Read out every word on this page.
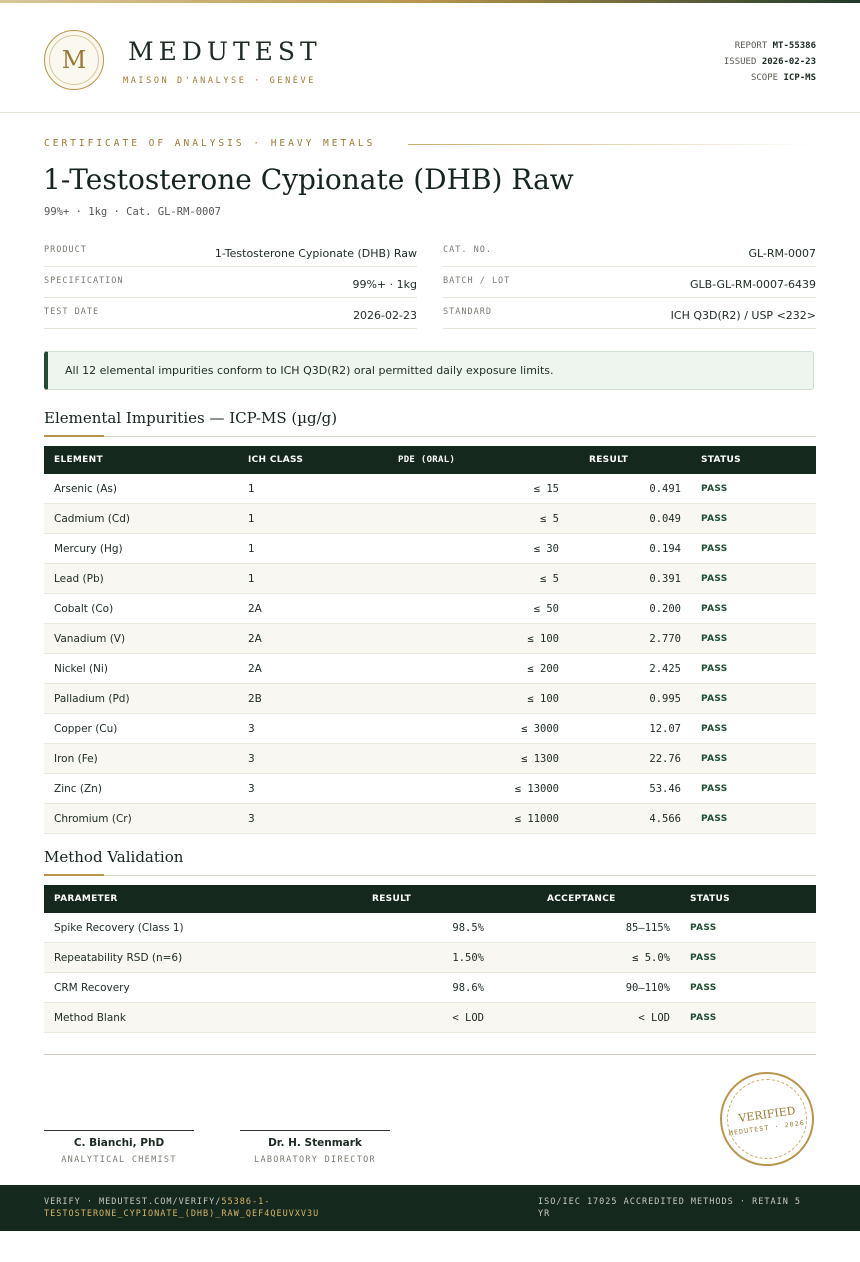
M	MEDUTEST
MAISON D'ANALYSE · GENÈVE
REPORT MT-55386
ISSUED 2026-02-23
SCOPE ICP-MS
CERTIFICATE OF ANALYSIS · HEAVY METALS
1-Testosterone Cypionate (DHB) Raw
99%+ · 1kg · Cat. GL-RM-0007
PRODUCT	1-Testosterone Cypionate (DHB) Raw
SPECIFICATION	99%+ · 1kg
TEST DATE	2026-02-23
CAT. NO.	GL-RM-0007
BATCH / LOT	GLB-GL-RM-0007-6439
STANDARD	ICH Q3D(R2) / USP <232>
All 12 elemental impurities conform to ICH Q3D(R2) oral permitted daily exposure limits.
Elemental Impurities — ICP-MS (µg/g)
ELEMENT	ICH CLASS	PDE (ORAL)	RESULT	STATUS
Arsenic (As)	1	≤ 15	0.491	PASS
Cadmium (Cd)	1	≤ 5	0.049	PASS
Mercury (Hg)	1	≤ 30	0.194	PASS
Lead (Pb)	1	≤ 5	0.391	PASS
Cobalt (Co)	2A	≤ 50	0.200	PASS
Vanadium (V)	2A	≤ 100	2.770	PASS
Nickel (Ni)	2A	≤ 200	2.425	PASS
Palladium (Pd)	2B	≤ 100	0.995	PASS
Copper (Cu)	3	≤ 3000	12.07	PASS
Iron (Fe)	3	≤ 1300	22.76	PASS
Zinc (Zn)	3	≤ 13000	53.46	PASS
Chromium (Cr)	3	≤ 11000	4.566	PASS
Method Validation
PARAMETER	RESULT	ACCEPTANCE	STATUS
Spike Recovery (Class 1)	98.5%	85–115%	PASS
Repeatability RSD (n=6)	1.50%	≤ 5.0%	PASS
CRM Recovery	98.6%	90–110%	PASS
Method Blank	< LOD	< LOD	PASS
C. Bianchi, PhD
ANALYTICAL CHEMIST
Dr. H. Stenmark
LABORATORY DIRECTOR
VERIFIED
MEDUTEST · 2026
VERIFY · MEDUTEST.COM/VERIFY/55386-1-TESTOSTERONE_CYPIONATE_(DHB)_RAW_QEF4QEUVXV3U
ISO/IEC 17025 ACCREDITED METHODS · RETAIN 5 YR
